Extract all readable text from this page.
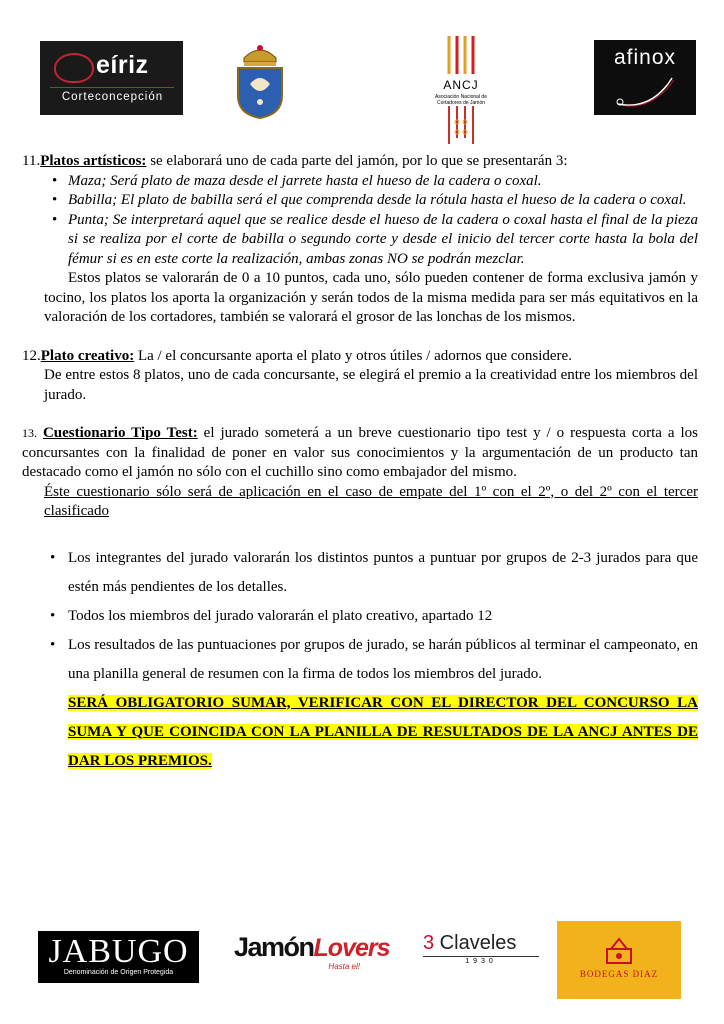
eíriz
Corteconcepción
ANCJ
Asociación Nacional de Cortadores de Jamón
afinox
11.Platos artísticos: se elaborará uno de cada parte del jamón, por lo que se presentarán 3:
• Maza; Será plato de maza desde el jarrete hasta el hueso de la cadera o coxal.
• Babilla; El plato de babilla será el que comprenda desde la rótula hasta el hueso de la cadera o coxal.
• Punta; Se interpretará aquel que se realice desde el hueso de la cadera o coxal hasta el final de la pieza si se realiza por el corte de babilla o segundo corte y desde el inicio del tercer corte hasta la bola del fémur si es en este corte la realización, ambas zonas NO se podrán mezclar.
Estos platos se valorarán de 0 a 10 puntos, cada uno, sólo pueden contener de forma exclusiva jamón y tocino, los platos los aporta la organización y serán todos de la misma medida para ser más equitativos en la valoración de los cortadores, también se valorará el grosor de las lonchas de los mismos.
12.Plato creativo: La / el concursante aporta el plato y otros útiles / adornos que considere.
De entre estos 8 platos, uno de cada concursante, se elegirá el premio a la creatividad entre los miembros del jurado.
13. Cuestionario Tipo Test: el jurado someterá a un breve cuestionario tipo test y / o respuesta corta a los concursantes con la finalidad de poner en valor sus conocimientos y la argumentación de un producto tan destacado como el jamón no sólo con el cuchillo sino como embajador del mismo.
Éste cuestionario sólo será de aplicación en el caso de empate del 1º con el 2º, o del 2º con el tercer clasificado
• Los integrantes del jurado valorarán los distintos puntos a puntuar por grupos de 2-3 jurados para que estén más pendientes de los detalles.
• Todos los miembros del jurado valorarán el plato creativo, apartado 12
• Los resultados de las puntuaciones por grupos de jurado, se harán públicos al terminar el campeonato, en una planilla general de resumen con la firma de todos los miembros del jurado.
SERÁ OBLIGATORIO SUMAR, VERIFICAR CON EL DIRECTOR DEL CONCURSO LA SUMA Y QUE COINCIDA CON LA PLANILLA DE RESULTADOS DE LA ANCJ ANTES DE DAR LOS PREMIOS.
JABUGO
Denominación de Origen Protegida
JamónLovers
Hasta el!
3 Claveles
1930
BODEGAS DIAZ
